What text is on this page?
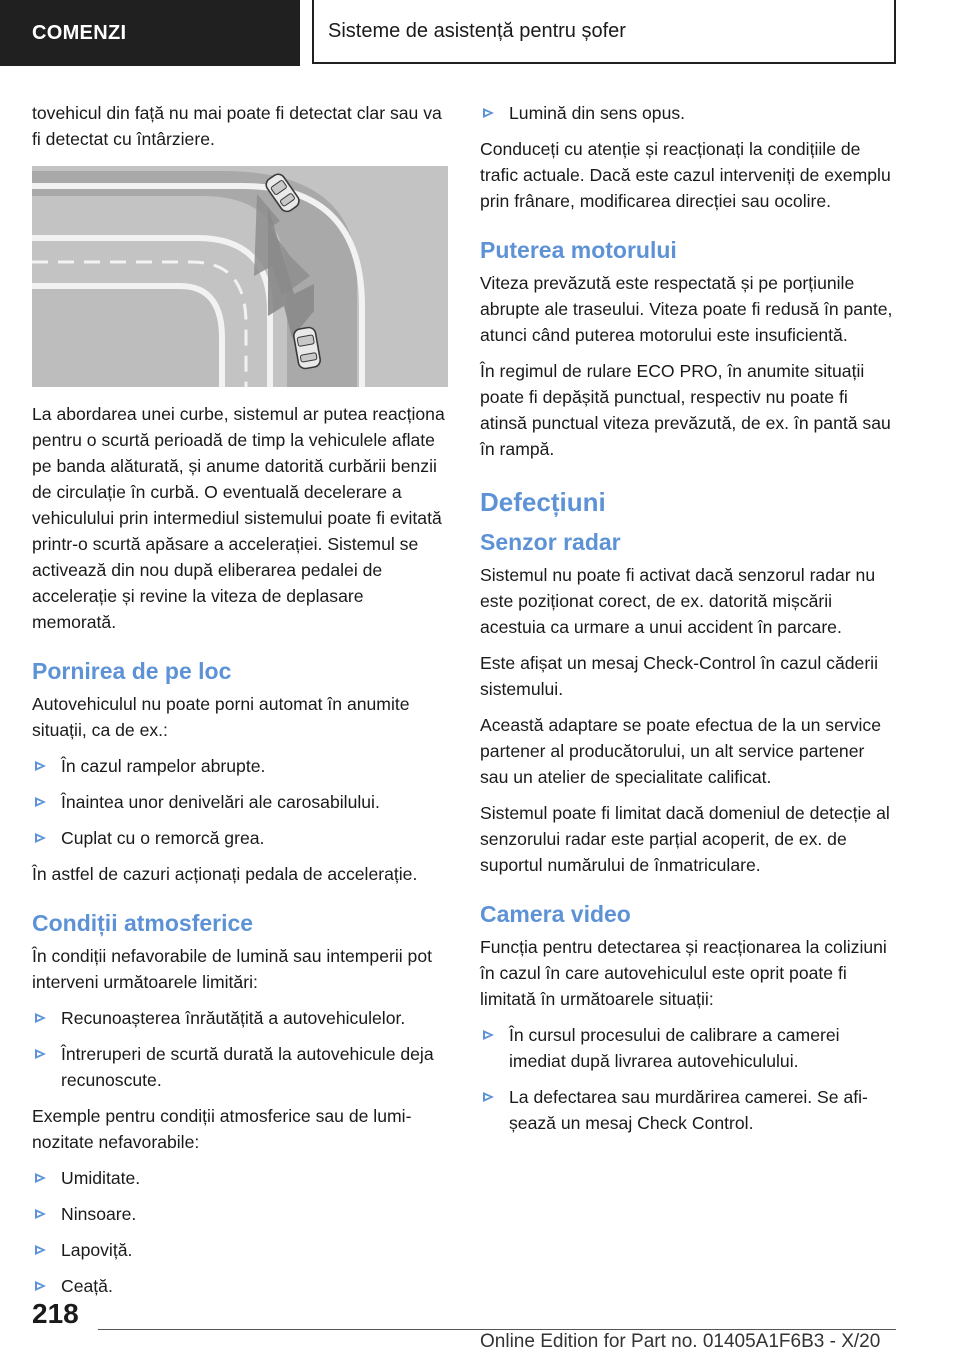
COMENZI	Sisteme de asistență pentru șofer

tovehicul din față nu mai poate fi detectat clar sau va fi detectat cu întârziere.

La abordarea unei curbe, sistemul ar putea reacționa pentru o scurtă perioadă de timp la vehiculele aflate pe banda alăturată, și anume datorită curbării benzii de circulație în curbă. O eventuală decelerare a vehiculului prin intermediul sistemului poate fi evitată printr-o scurtă apăsare a accelerației. Sistemul se activează din nou după eliberarea pedalei de accelerație și revine la viteza de deplasare memorată.

Pornirea de pe loc

Autovehiculul nu poate porni automat în anumite situații, ca de ex.:

În cazul rampelor abrupte.
Înaintea unor denivelări ale carosabilului.
Cuplat cu o remorcă grea.

În astfel de cazuri acționați pedala de accelerație.

Condiții atmosferice

În condiții nefavorabile de lumină sau intemperii pot interveni următoarele limitări:

Recunoașterea înrăutățită a autovehiculelor.
Întreruperi de scurtă durată la autovehicule deja recunoscute.

Exemple pentru condiții atmosferice sau de luminozitate nefavorabile:

Umiditate.
Ninsoare.
Lapoviță.
Ceață.
Lumină din sens opus.

Conduceți cu atenție și reacționați la condițiile de trafic actuale. Dacă este cazul interveniți de exemplu prin frânare, modificarea direcției sau ocolire.

Puterea motorului

Viteza prevăzută este respectată și pe porțiunile abrupte ale traseului. Viteza poate fi redusă în pante, atunci când puterea motorului este insuficientă.

În regimul de rulare ECO PRO, în anumite situații poate fi depășită punctual, respectiv nu poate fi atinsă punctual viteza prevăzută, de ex. în pantă sau în rampă.

Defecțiuni
Senzor radar

Sistemul nu poate fi activat dacă senzorul radar nu este poziționat corect, de ex. datorită mișcării acestuia ca urmare a unui accident în parcare.

Este afișat un mesaj Check-Control în cazul căderii sistemului.

Această adaptare se poate efectua de la un service partener al producătorului, un alt service partener sau un atelier de specialitate calificat.

Sistemul poate fi limitat dacă domeniul de detecție al senzorului radar este parțial acoperit, de ex. de suportul numărului de înmatriculare.

Camera video

Funcția pentru detectarea și reacționarea la coliziuni în cazul în care autovehiculul este oprit poate fi limitată în următoarele situații:

În cursul procesului de calibrare a camerei imediat după livrarea autovehiculului.
La defectarea sau murdărirea camerei. Se afișează un mesaj Check Control.
218
Online Edition for Part no. 01405A1F6B3 - X/20
